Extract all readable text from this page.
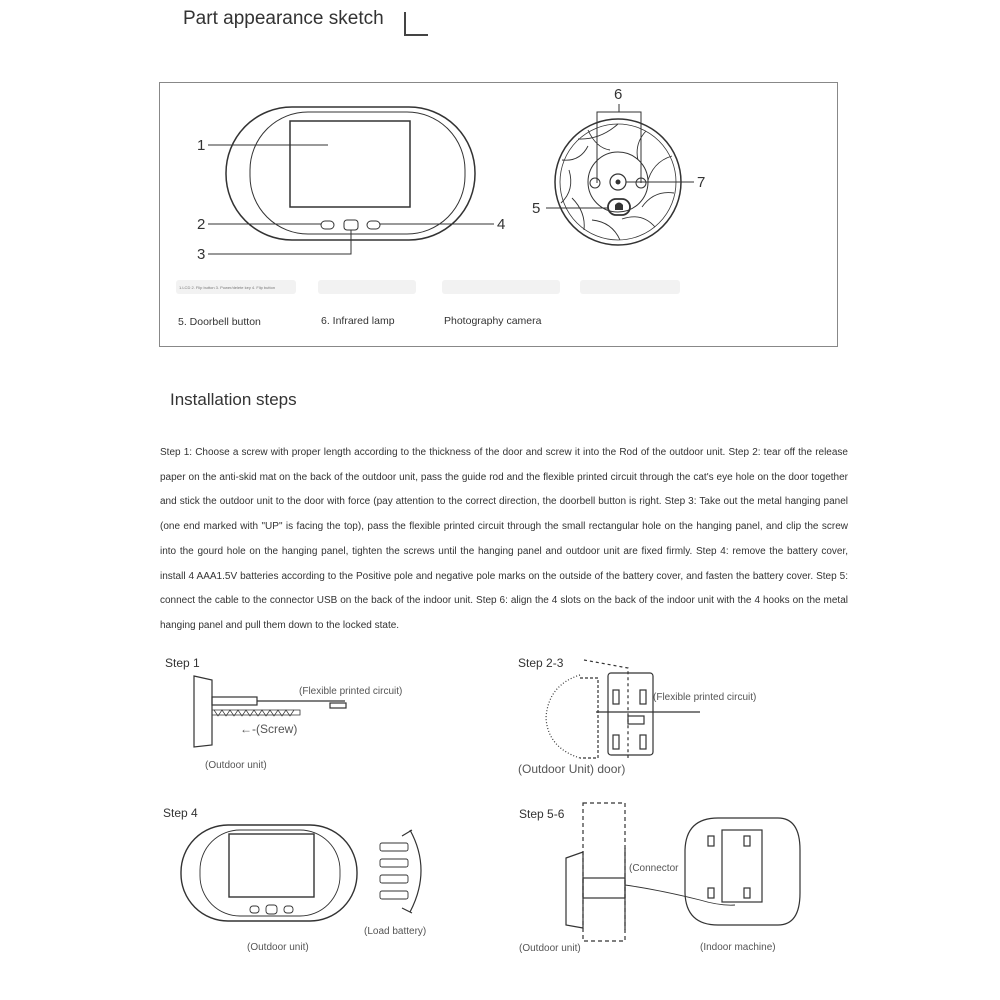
Part appearance sketch
1
2
3
4
5
6
7
1.LCD 2. Flip button 3. Power/delete key 4. Flip button
5. Doorbell button	6. Infrared lamp	Photography camera
Installation steps
Step 1: Choose a screw with proper length according to the thickness of the door and screw it into the Rod of the outdoor unit. Step 2: tear off the release paper on the anti-skid mat on the back of the outdoor unit, pass the guide rod and the flexible printed circuit through the cat's eye hole on the door together and stick the outdoor unit to the door with force (pay attention to the correct direction, the doorbell button is right. Step 3: Take out the metal hanging panel (one end marked with "UP" is facing the top), pass the flexible printed circuit through the small rectangular hole on the hanging panel, and clip the screw into the gourd hole on the hanging panel, tighten the screws until the hanging panel and outdoor unit are fixed firmly. Step 4: remove the battery cover, install 4 AAA1.5V batteries according to the Positive pole and negative pole marks on the outside of the battery cover, and fasten the battery cover. Step 5: connect the cable to the connector USB on the back of the indoor unit. Step 6: align the 4 slots on the back of the indoor unit with the 4 hooks on the metal hanging panel and pull them down to the locked state.
Step 1
(Flexible printed circuit)
←-(Screw)
(Outdoor unit)
Step 2-3
(Flexible printed circuit)
(Outdoor Unit) door)
Step 4
(Outdoor unit)
(Load battery)
Step 5-6
(Connector
(Outdoor unit)	(Indoor machine)
